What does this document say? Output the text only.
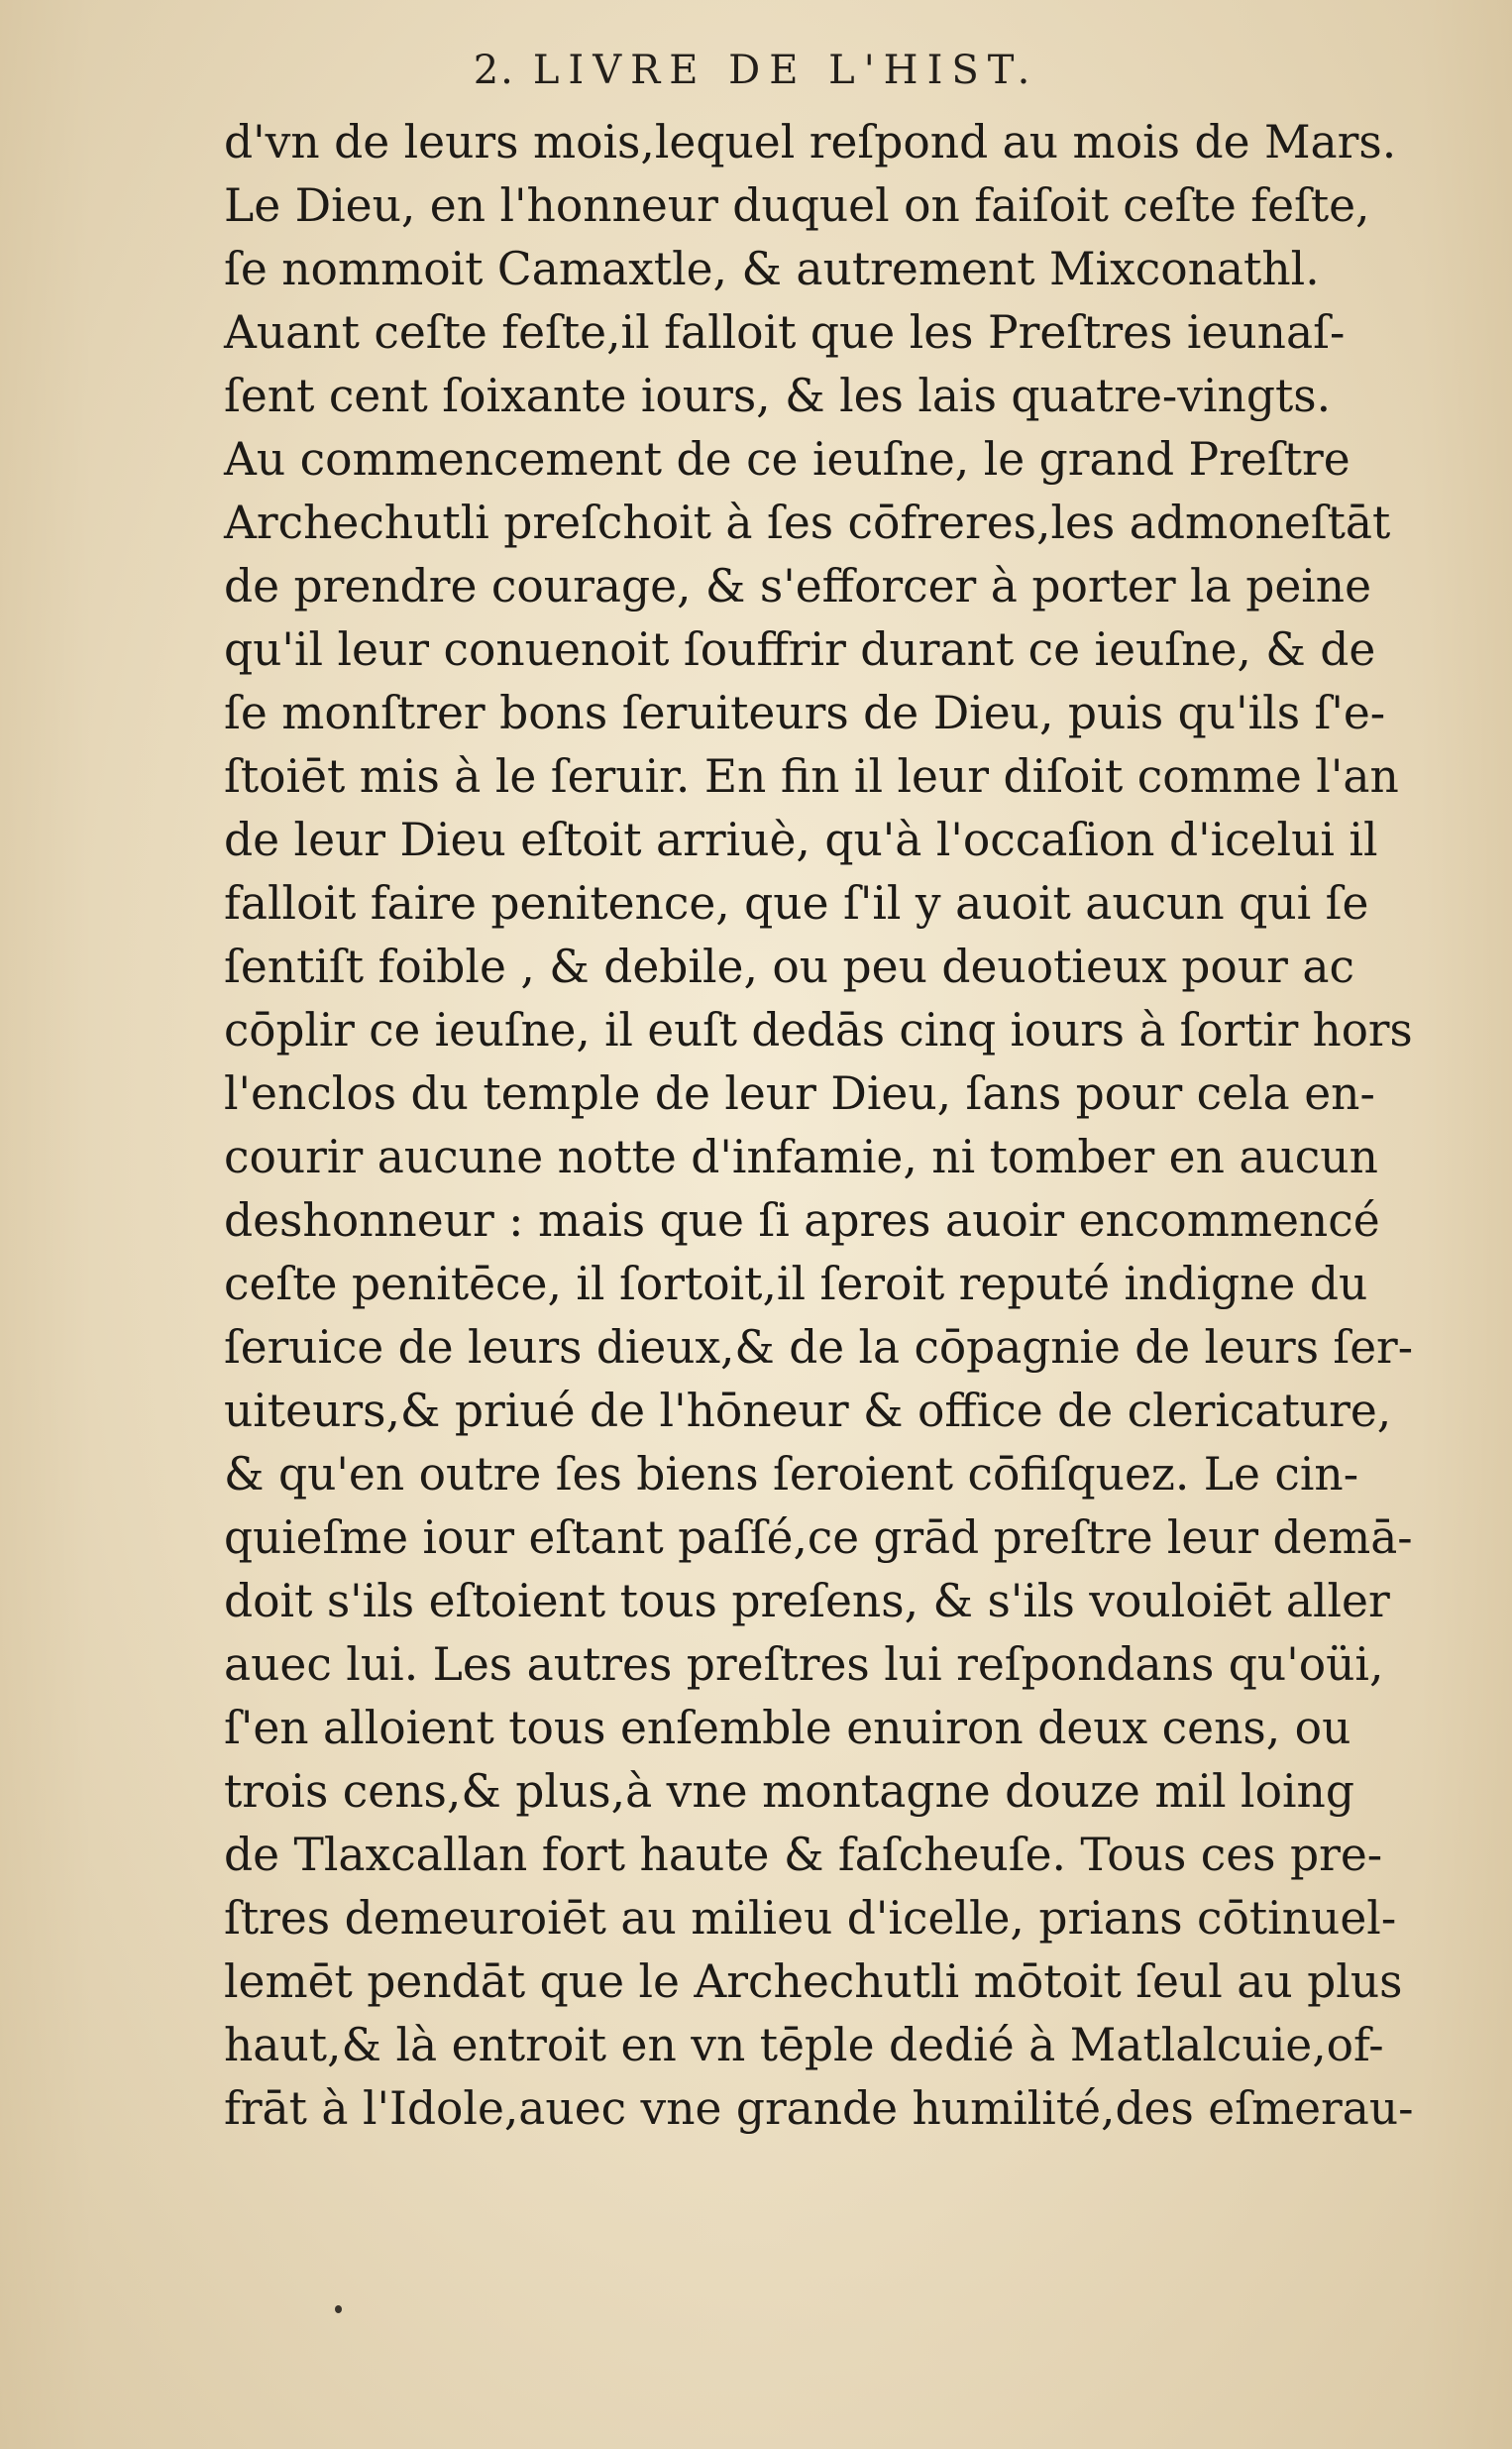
2. LIVRE DE L'HIST.
d'vn de leurs mois,lequel reſpond au mois de Mars.
Le Dieu, en l'honneur duquel on faiſoit ceſte feſte,
ſe nommoit Camaxtle, & autrement Mixconathl.
Auant ceſte feſte,il falloit que les Preſtres ieunaſ-
ſent cent ſoixante iours, & les lais quatre-vingts.
Au commencement de ce ieuſne, le grand Preſtre
Archechutli preſchoit à ſes cōfreres,les admoneſtāt
de prendre courage, & s'efforcer à porter la peine
qu'il leur conuenoit ſouffrir durant ce ieuſne, & de
ſe monſtrer bons ſeruiteurs de Dieu, puis qu'ils ſ'e-
ſtoiēt mis à le ſeruir. En fin il leur diſoit comme l'an
de leur Dieu eſtoit arriuè, qu'à l'occaſion d'icelui il
falloit faire penitence, que ſ'il y auoit aucun qui ſe
ſentiſt foible , & debile, ou peu deuotieux pour ac
cōplir ce ieuſne, il euſt dedās cinq iours à ſortir hors
l'enclos du temple de leur Dieu, ſans pour cela en-
courir aucune notte d'infamie, ni tomber en aucun
deshonneur : mais que ſi apres auoir encommencé
ceſte penitēce, il ſortoit,il ſeroit reputé indigne du
ſeruice de leurs dieux,& de la cōpagnie de leurs ſer-
uiteurs,& priué de l'hōneur & office de clericature,
& qu'en outre ſes biens ſeroient cōfiſquez. Le cin-
quieſme iour eſtant paſſé,ce grād preſtre leur demā-
doit s'ils eſtoient tous preſens, & s'ils vouloiēt aller
auec lui. Les autres preſtres lui reſpondans qu'oüi,
ſ'en alloient tous enſemble enuiron deux cens, ou
trois cens,& plus,à vne montagne douze mil loing
de Tlaxcallan fort haute & faſcheuſe. Tous ces pre-
ſtres demeuroiēt au milieu d'icelle, prians cōtinuel-
lemēt pendāt que le Archechutli mōtoit ſeul au plus
haut,& là entroit en vn tēple dedié à Matlalcuie,of-
frāt à l'Idole,auec vne grande humilité,des eſmerau-
